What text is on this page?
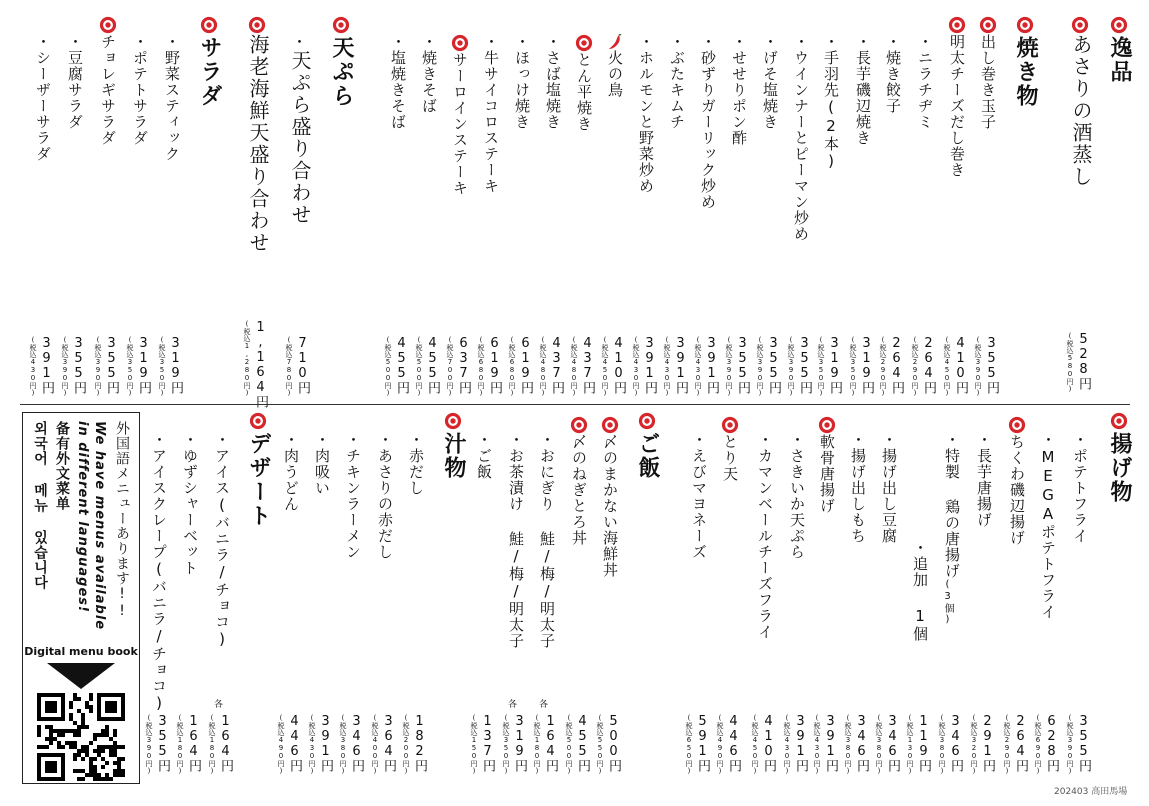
外国語メニューあります!!
We have menus available
in different languages!
备有外文菜单
외국어 메뉴 있습니다
Digital menu book
202403 高田馬場
逸品
あさりの酒蒸し
528円
(税込580円)
焼き物
出し巻き玉子
355円
(税込390円)
明太チーズだし巻き
410円
(税込450円)
・
ニラチヂミ
264円
(税込290円)
・
焼き餃子
264円
(税込290円)
・
長芋磯辺焼き
319円
(税込350円)
・
手羽先(2本)
319円
(税込350円)
・
ウインナーとピーマン炒め
355円
(税込390円)
・
げそ塩焼き
355円
(税込390円)
・
せせりポン酢
355円
(税込390円)
・
砂ずりガーリック炒め
391円
(税込430円)
・
ぶたキムチ
391円
(税込430円)
・
ホルモンと野菜炒め
391円
(税込430円)
火の鳥
410円
(税込450円)
とん平焼き
437円
(税込480円)
・
さば塩焼き
437円
(税込480円)
・
ほっけ焼き
619円
(税込680円)
・
牛サイコロステーキ
619円
(税込680円)
サーロインステーキ
637円
(税込700円)
・
焼きそば
455円
(税込500円)
・
塩焼きそば
455円
(税込500円)
天ぷら
・
天ぷら盛り合わせ
710円
(税込780円)
海老海鮮天盛り合わせ
1,164円
(税込1,280円)
サラダ
・
野菜スティック
319円
(税込350円)
・
ポテトサラダ
319円
(税込350円)
チョレギサラダ
355円
(税込390円)
・
豆腐サラダ
355円
(税込390円)
・
シーザーサラダ
391円
(税込430円)
揚げ物
・
ポテトフライ
355円
(税込390円)
・
MEGAポテトフライ
628円
(税込690円)
ちくわ磯辺揚げ
264円
(税込290円)
・
長芋唐揚げ
291円
(税込320円)
・
特製 鶏の唐揚げ
(3個)
346円
(税込380円)
・
追加 1個
119円
(税込130円)
・
揚げ出し豆腐
346円
(税込380円)
・
揚げ出しもち
346円
(税込380円)
軟骨唐揚げ
391円
(税込430円)
・
さきいか天ぷら
391円
(税込430円)
・
カマンベールチーズフライ
410円
(税込450円)
とり天
446円
(税込490円)
・
えびマヨネーズ
591円
(税込650円)
ご飯
〆のまかない海鮮丼
500円
(税込550円)
〆のねぎとろ丼
455円
(税込500円)
・
おにぎり 鮭/梅/明太子
164円
(税込180円)
各
・
お茶漬け 鮭/梅/明太子
319円
(税込350円)
各
・
ご飯
137円
(税込150円)
汁物
・
赤だし
182円
(税込200円)
・
あさりの赤だし
364円
(税込400円)
・
チキンラーメン
346円
(税込380円)
・
肉吸い
391円
(税込430円)
・
肉うどん
446円
(税込490円)
デザート
・
アイス(バニラ/チョコ)
164円
(税込180円)
各
・
ゆずシャーベット
164円
(税込180円)
・
アイスクレープ(バニラ/チョコ)
355円
(税込390円)
